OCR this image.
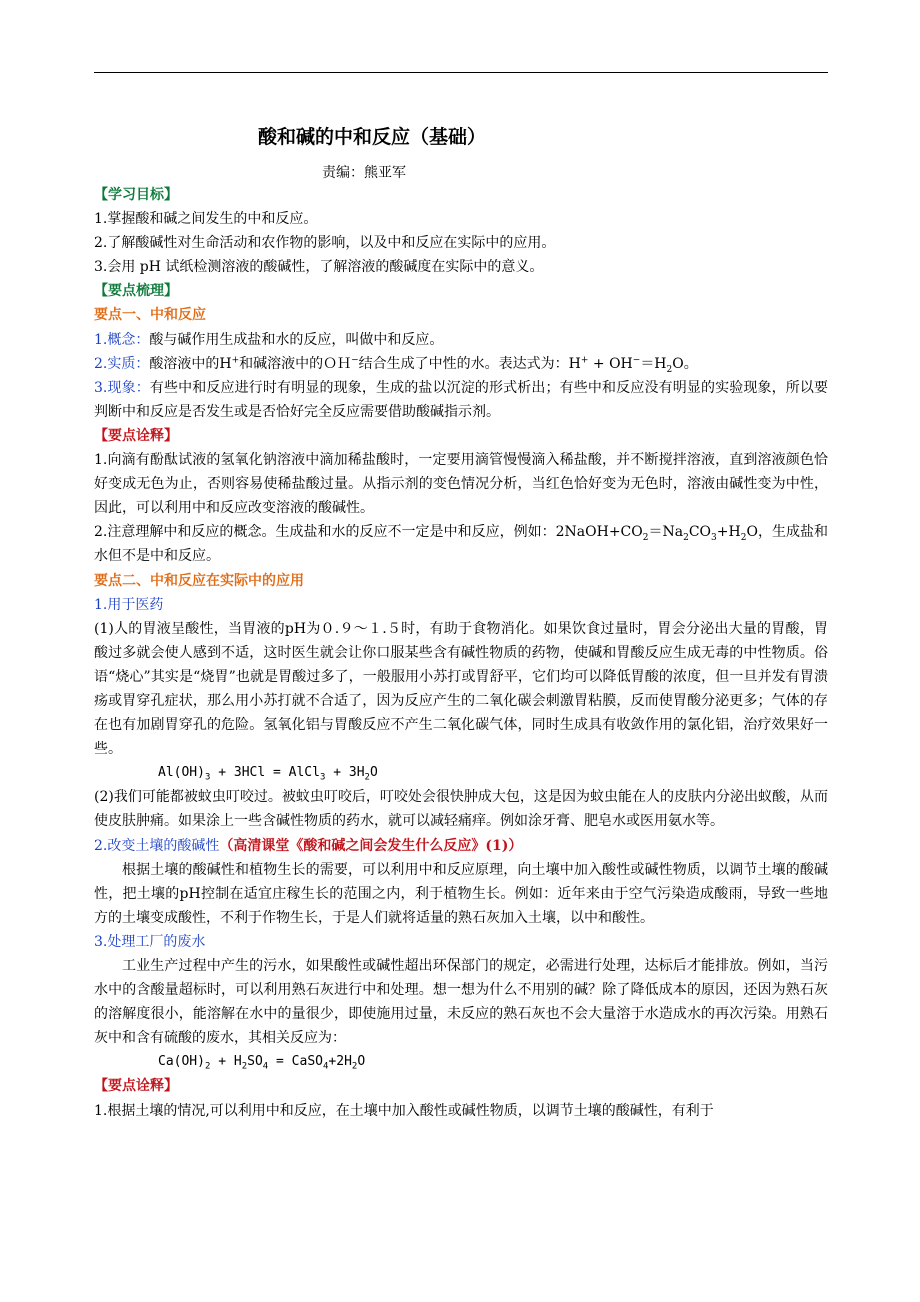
酸和碱的中和反应（基础）
责编：熊亚军

【学习目标】

1.掌握酸和碱之间发生的中和反应。

2.了解酸碱性对生命活动和农作物的影响，以及中和反应在实际中的应用。

3.会用 pH 试纸检测溶液的酸碱性，了解溶液的酸碱度在实际中的意义。

【要点梳理】

要点一、中和反应

1.概念：酸与碱作用生成盐和水的反应，叫做中和反应。

2.实质：酸溶液中的H+和碱溶液中的ＯＨ−结合生成了中性的水。表达式为：$H^+ + OH^-=H_2O$。

3.现象：有些中和反应进行时有明显的现象，生成的盐以沉淀的形式析出；有些中和反应没有明显的实验现象，所以要判断中和反应是否发生或是否恰好完全反应需要借助酸碱指示剂。

【要点诠释】

1.向滴有酚酞试液的氢氧化钠溶液中滴加稀盐酸时，一定要用滴管慢慢滴入稀盐酸，并不断搅拌溶液，直到溶液颜色恰好变成无色为止，否则容易使稀盐酸过量。从指示剂的变色情况分析，当红色恰好变为无色时，溶液由碱性变为中性，因此，可以利用中和反应改变溶液的酸碱性。

2.注意理解中和反应的概念。生成盐和水的反应不一定是中和反应，例如：$2NaOH+CO_2=Na_2CO_3+H_2O$，生成盐和水但不是中和反应。

要点二、中和反应在实际中的应用

1.用于医药

(1)人的胃液呈酸性，当胃液的pH为０.９～１.５时，有助于食物消化。如果饮食过量时，胃会分泌出大量的胃酸，胃酸过多就会使人感到不适，这时医生就会让你口服某些含有碱性物质的药物，使碱和胃酸反应生成无毒的中性物质。俗语“烧心”其实是“烧胃”也就是胃酸过多了，一般服用小苏打或胃舒平，它们均可以降低胃酸的浓度，但一旦并发有胃溃疡或胃穿孔症状，那么用小苏打就不合适了，因为反应产生的二氧化碳会刺激胃粘膜，反而使胃酸分泌更多；气体的存在也有加剧胃穿孔的危险。氢氧化铝与胃酸反应不产生二氧化碳气体，同时生成具有收敛作用的氯化铝，治疗效果好一些。

$Al(OH)_3 + 3HCl$ = AlCl$_3$ + $3H_2O$

(2)我们可能都被蚊虫叮咬过。被蚊虫叮咬后，叮咬处会很快肿成大包，这是因为蚊虫能在人的皮肤内分泌出蚁酸，从而使皮肤肿痛。如果涂上一些含碱性物质的药水，就可以减轻痛痒。例如涂牙膏、肥皂水或医用氨水等。

2.改变土壤的酸碱性（高清课堂《酸和碱之间会发生什么反应》(1)）

根据土壤的酸碱性和植物生长的需要，可以利用中和反应原理，向土壤中加入酸性或碱性物质，以调节土壤的酸碱性，把土壤的pH控制在适宜庄稼生长的范围之内，利于植物生长。例如：近年来由于空气污染造成酸雨，导致一些地方的土壤变成酸性，不利于作物生长，于是人们就将适量的熟石灰加入土壤，以中和酸性。

3.处理工厂的废水

工业生产过程中产生的污水，如果酸性或碱性超出环保部门的规定，必需进行处理，达标后才能排放。例如，当污水中的含酸量超标时，可以利用熟石灰进行中和处理。想一想为什么不用别的碱？除了降低成本的原因，还因为熟石灰的溶解度很小，能溶解在水中的量很少，即使施用过量，未反应的熟石灰也不会大量溶于水造成水的再次污染。用熟石灰中和含有硫酸的废水，其相关反应为：

$Ca(OH)_2 + H_2SO_4$ = $CaSO_4+2H_2O$

【要点诠释】

1.根据土壤的情况,可以利用中和反应，在土壤中加入酸性或碱性物质，以调节土壤的酸碱性，有利于
